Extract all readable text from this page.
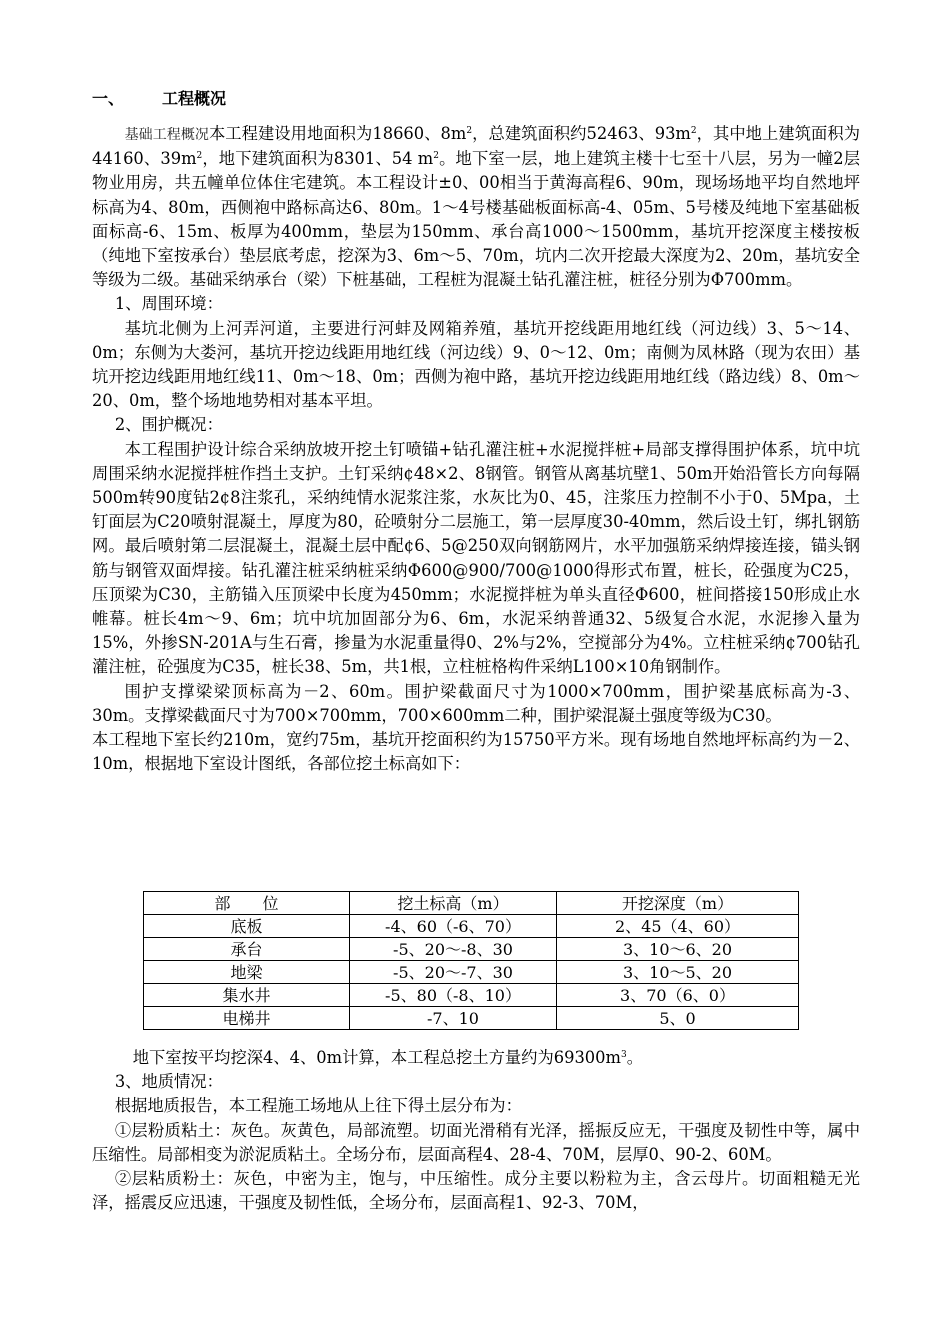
一、 工程概况

基础工程概况本工程建设用地面积为18660、$8m^2$，总建筑面积约52463、$93m^2$，其中地上建筑面积为44160、$39m^2$，地下建筑面积为8301、54 $m^2$。地下室一层，地上建筑主楼十七至十八层，另为一幢2层物业用房，共五幢单位体住宅建筑。本工程设计±0、00相当于黄海高程6、90m，现场场地平均自然地坪标高为4、80m，西侧袍中路标高达6、80m。1～4号楼基础板面标高-4、05m、5号楼及纯地下室基础板面标高-6、15m、板厚为400mm，垫层为150mm、承台高1000～1500mm，基坑开挖深度主楼按板（纯地下室按承台）垫层底考虑，挖深为3、6m～5、70m，坑内二次开挖最大深度为2、20m，基坑安全等级为二级。基础采纳承台（梁）下桩基础，工程桩为混凝土钻孔灌注桩，桩径分别为Φ700mm。

1、周围环境：

基坑北侧为上河弄河道，主要进行河蚌及网箱养殖，基坑开挖线距用地红线（河边线）3、5～14、0m；东侧为大娄河，基坑开挖边线距用地红线（河边线）9、0～12、0m；南侧为凤林路（现为农田）基坑开挖边线距用地红线11、0m～18、0m；西侧为袍中路，基坑开挖边线距用地红线（路边线）8、0m～20、0m，整个场地地势相对基本平坦。

2、围护概况：

本工程围护设计综合采纳放坡开挖土钉喷锚+钻孔灌注桩+水泥搅拌桩+局部支撑得围护体系，坑中坑周围采纳水泥搅拌桩作挡土支护。土钉采纳¢48×2、8钢管。钢管从离基坑壁1、50m开始沿管长方向每隔500m转90度钻2¢8注浆孔，采纳纯情水泥浆注浆，水灰比为0、45，注浆压力控制不小于0、5Mpa，土钉面层为C20喷射混凝土，厚度为80，砼喷射分二层施工，第一层厚度30-40mm，然后设土钉，绑扎钢筋网。最后喷射第二层混凝土，混凝土层中配¢6、5@250双向钢筋网片，水平加强筋采纳焊接连接，锚头钢筋与钢管双面焊接。钻孔灌注桩采纳桩采纳Φ600@900/700@1000得形式布置，桩长，砼强度为C25，压顶梁为C30，主筋锚入压顶梁中长度为450mm；水泥搅拌桩为单头直径Φ600，桩间搭接150形成止水帷幕。桩长4m～9、6m；坑中坑加固部分为6、6m，水泥采纳普通32、5级复合水泥，水泥掺入量为15%，外掺SN-201A与生石膏，掺量为水泥重量得0、2%与2%，空搅部分为4%。立柱桩采纳¢700钻孔灌注桩，砼强度为C35，桩长38、5m，共1根，立柱桩格构件采纳L100×10角钢制作。

围护支撑梁梁顶标高为－2、60m。围护梁截面尺寸为1000×700mm，围护梁基底标高为-3、30m。支撑梁截面尺寸为700×700mm，700×600mm二种，围护梁混凝土强度等级为C30。

本工程地下室长约210m，宽约75m，基坑开挖面积约为15750平方米。现有场地自然地坪标高约为－2、10m，根据地下室设计图纸，各部位挖土标高如下：

部　　位	挖土标高（m）	开挖深度（m）
底板	-4、60（-6、70）	2、45（4、60）
承台	-5、20～-8、30	3、10～6、20
地梁	-5、20～-7、30	3、10～5、20
集水井	-5、80（-8、10）	3、70（6、0）
电梯井	-7、10	5、0

地下室按平均挖深4、4、0m计算，本工程总挖土方量约为$69300m^3$。

3、地质情况：

根据地质报告，本工程施工场地从上往下得土层分布为：

①层粉质粘土：灰色。灰黄色，局部流塑。切面光滑稍有光泽，摇振反应无，干强度及韧性中等，属中压缩性。局部相变为淤泥质粘土。全场分布，层面高程4、28-4、70M，层厚0、90-2、60M。

②层粘质粉土：灰色，中密为主，饱与，中压缩性。成分主要以粉粒为主，含云母片。切面粗糙无光泽，摇震反应迅速，干强度及韧性低，全场分布，层面高程1、92-3、70M，
